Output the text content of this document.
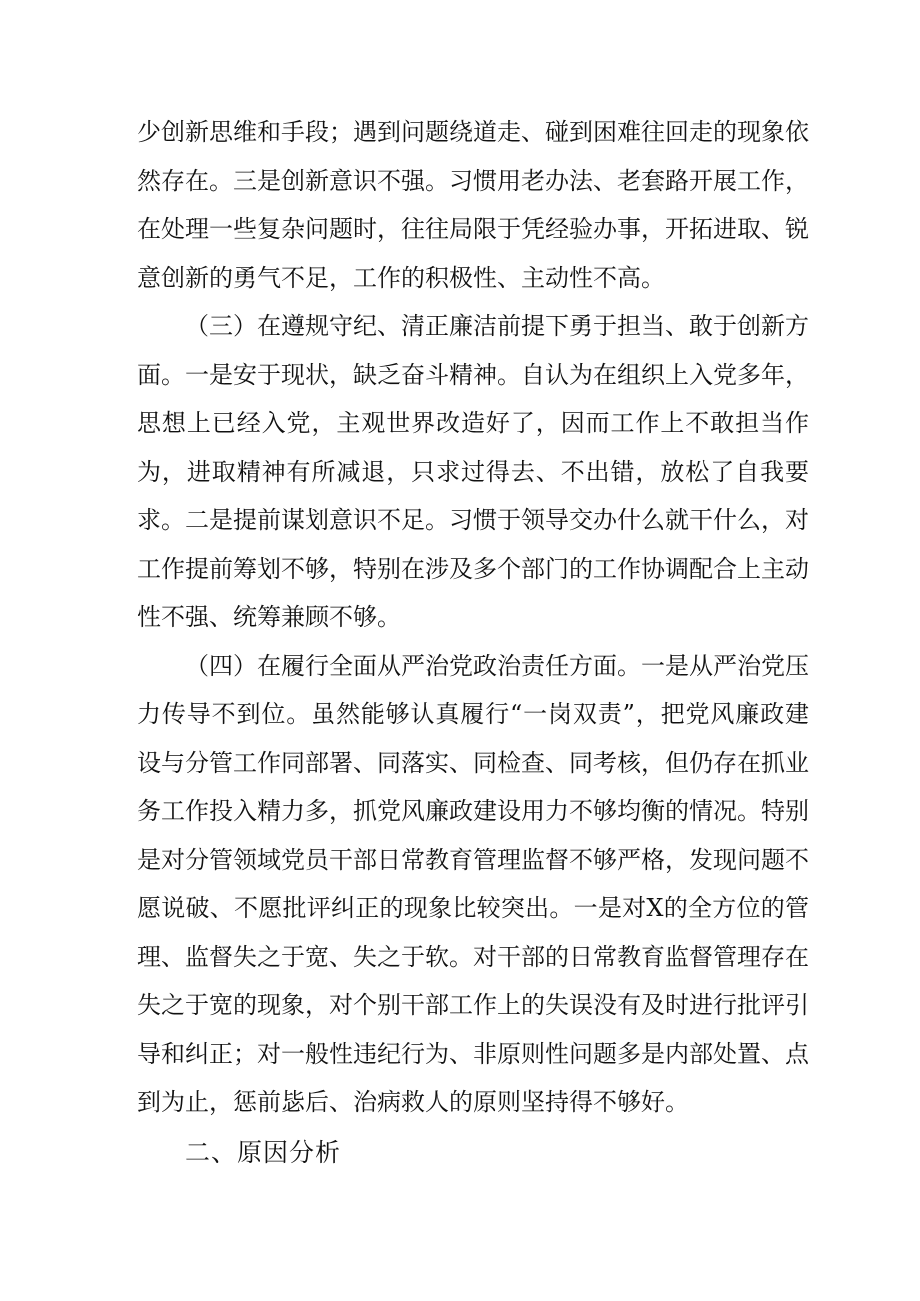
少创新思维和手段；遇到问题绕道走、碰到困难往回走的现象依然存在。三是创新意识不强。习惯用老办法、老套路开展工作，在处理一些复杂问题时，往往局限于凭经验办事，开拓进取、锐意创新的勇气不足，工作的积极性、主动性不高。

（三）在遵规守纪、清正廉洁前提下勇于担当、敢于创新方面。一是安于现状，缺乏奋斗精神。自认为在组织上入党多年，思想上已经入党，主观世界改造好了，因而工作上不敢担当作为，进取精神有所减退，只求过得去、不出错，放松了自我要求。二是提前谋划意识不足。习惯于领导交办什么就干什么，对工作提前筹划不够，特别在涉及多个部门的工作协调配合上主动性不强、统筹兼顾不够。

（四）在履行全面从严治党政治责任方面。一是从严治党压力传导不到位。虽然能够认真履行“一岗双责”，把党风廉政建设与分管工作同部署、同落实、同检查、同考核，但仍存在抓业务工作投入精力多，抓党风廉政建设用力不够均衡的情况。特别是对分管领域党员干部日常教育管理监督不够严格，发现问题不愿说破、不愿批评纠正的现象比较突出。一是对X的全方位的管理、监督失之于宽、失之于软。对干部的日常教育监督管理存在失之于宽的现象，对个别干部工作上的失误没有及时进行批评引导和纠正；对一般性违纪行为、非原则性问题多是内部处置、点到为止，惩前毖后、治病救人的原则坚持得不够好。

二、原因分析
